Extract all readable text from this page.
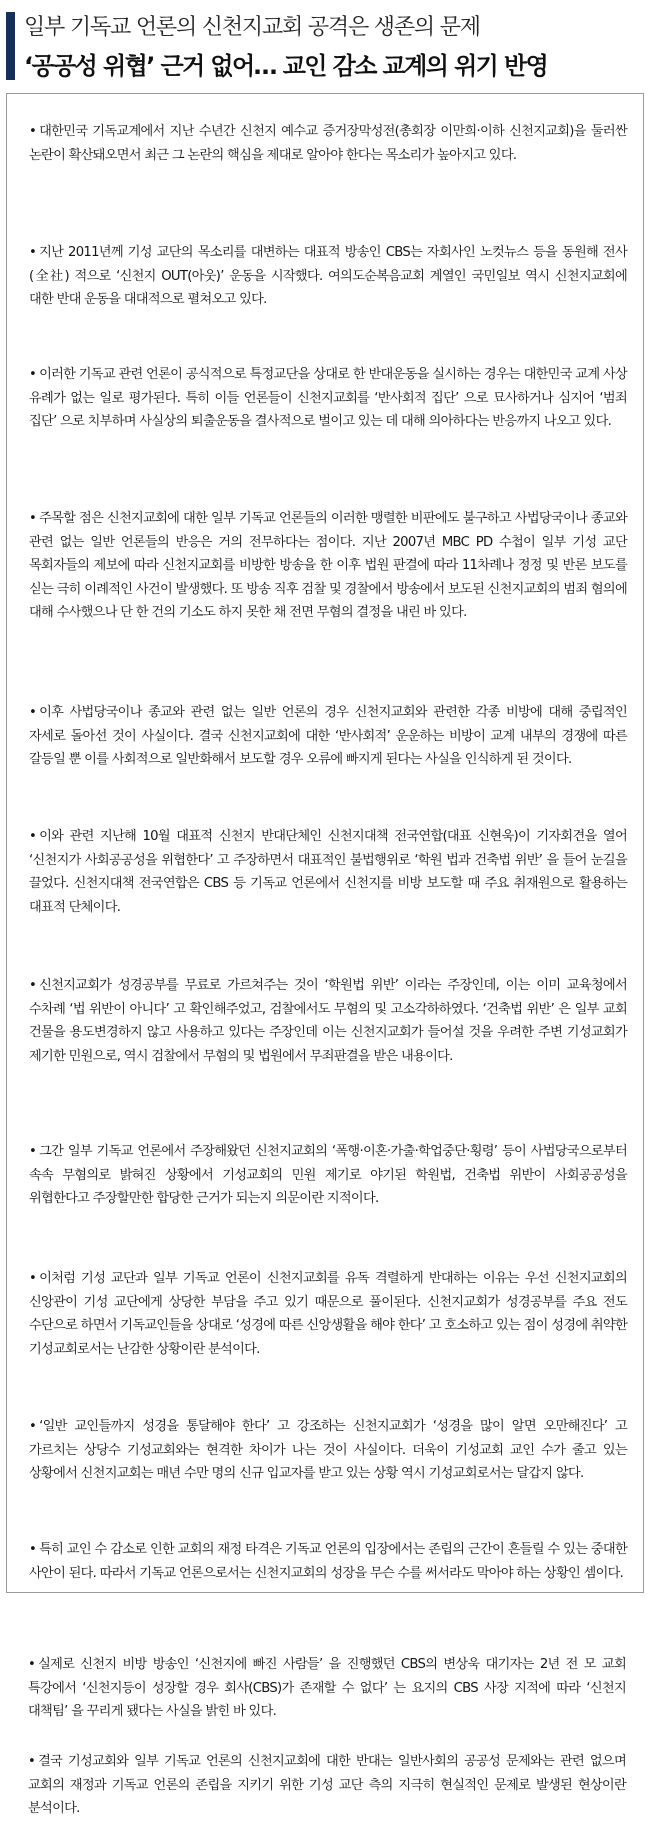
일부 기독교 언론의 신천지교회 공격은 생존의 문제
‘공공성 위협’ 근거 없어… 교인 감소 교계의 위기 반영
• 대한민국 기독교계에서 지난 수년간 신천지 예수교 증거장막성전(총회장 이만희·이하 신천지교회)을 둘러싼 논란이 확산돼오면서 최근 그 논란의 핵심을 제대로 알아야 한다는 목소리가 높아지고 있다.
• 지난 2011년께 기성 교단의 목소리를 대변하는 대표적 방송인 CBS는 자회사인 노컷뉴스 등을 동원해 전사(全社) 적으로 ‘신천지 OUT(아웃)’ 운동을 시작했다. 여의도순복음교회 계열인 국민일보 역시 신천지교회에 대한 반대 운동을 대대적으로 펼쳐오고 있다.
• 이러한 기독교 관련 언론이 공식적으로 특정교단을 상대로 한 반대운동을 실시하는 경우는 대한민국 교계 사상 유례가 없는 일로 평가된다. 특히 이들 언론들이 신천지교회를 ‘반사회적 집단’ 으로 묘사하거나 심지어 ‘범죄 집단’ 으로 치부하며 사실상의 퇴출운동을 결사적으로 벌이고 있는 데 대해 의아하다는 반응까지 나오고 있다.
• 주목할 점은 신천지교회에 대한 일부 기독교 언론들의 이러한 맹렬한 비판에도 불구하고 사법당국이나 종교와 관련 없는 일반 언론들의 반응은 거의 전무하다는 점이다. 지난 2007년 MBC PD 수첩이 일부 기성 교단 목회자들의 제보에 따라 신천지교회를 비방한 방송을 한 이후 법원 판결에 따라 11차례나 정정 및 반론 보도를 싣는 극히 이례적인 사건이 발생했다. 또 방송 직후 검찰 및 경찰에서 방송에서 보도된 신천지교회의 범죄 혐의에 대해 수사했으나 단 한 건의 기소도 하지 못한 채 전면 무혐의 결정을 내린 바 있다.
• 이후 사법당국이나 종교와 관련 없는 일반 언론의 경우 신천지교회와 관련한 각종 비방에 대해 중립적인 자세로 돌아선 것이 사실이다. 결국 신천지교회에 대한 ‘반사회적’ 운운하는 비방이 교계 내부의 경쟁에 따른 갈등일 뿐 이를 사회적으로 일반화해서 보도할 경우 오류에 빠지게 된다는 사실을 인식하게 된 것이다.
• 이와 관련 지난해 10월 대표적 신천지 반대단체인 신천지대책 전국연합(대표 신현욱)이 기자회견을 열어 ‘신천지가 사회공공성을 위협한다’ 고 주장하면서 대표적인 불법행위로 ‘학원 법과 건축법 위반’ 을 들어 눈길을 끌었다. 신천지대책 전국연합은 CBS 등 기독교 언론에서 신천지를 비방 보도할 때 주요 취재원으로 활용하는 대표적 단체이다.
• 신천지교회가 성경공부를 무료로 가르쳐주는 것이 ‘학원법 위반’ 이라는 주장인데, 이는 이미 교육청에서 수차례 ‘법 위반이 아니다’ 고 확인해주었고, 검찰에서도 무혐의 및 고소각하하였다. ‘건축법 위반’ 은 일부 교회 건물을 용도변경하지 않고 사용하고 있다는 주장인데 이는 신천지교회가 들어설 것을 우려한 주변 기성교회가 제기한 민원으로, 역시 검찰에서 무혐의 및 법원에서 무죄판결을 받은 내용이다.
• 그간 일부 기독교 언론에서 주장해왔던 신천지교회의 ‘폭행·이혼·가출·학업중단·횡령’ 등이 사법당국으로부터 속속 무혐의로 밝혀진 상황에서 기성교회의 민원 제기로 야기된 학원법, 건축법 위반이 사회공공성을 위협한다고 주장할만한 합당한 근거가 되는지 의문이란 지적이다.
• 이처럼 기성 교단과 일부 기독교 언론이 신천지교회를 유독 격렬하게 반대하는 이유는 우선 신천지교회의 신앙관이 기성 교단에게 상당한 부담을 주고 있기 때문으로 풀이된다. 신천지교회가 성경공부를 주요 전도 수단으로 하면서 기독교인들을 상대로 ‘성경에 따른 신앙생활을 해야 한다’ 고 호소하고 있는 점이 성경에 취약한 기성교회로서는 난감한 상황이란 분석이다.
• ‘일반 교인들까지 성경을 통달해야 한다’ 고 강조하는 신천지교회가 ‘성경을 많이 알면 오만해진다’ 고 가르치는 상당수 기성교회와는 현격한 차이가 나는 것이 사실이다. 더욱이 기성교회 교인 수가 줄고 있는 상황에서 신천지교회는 매년 수만 명의 신규 입교자를 받고 있는 상황 역시 기성교회로서는 달갑지 않다.
• 특히 교인 수 감소로 인한 교회의 재정 타격은 기독교 언론의 입장에서는 존립의 근간이 흔들릴 수 있는 중대한 사안이 된다. 따라서 기독교 언론으로서는 신천지교회의 성장을 무슨 수를 써서라도 막아야 하는 상황인 셈이다.
• 실제로 신천지 비방 방송인 ‘신천지에 빠진 사람들’ 을 진행했던 CBS의 변상욱 대기자는 2년 전 모 교회 특강에서 ‘신천지등이 성장할 경우 회사(CBS)가 존재할 수 없다’ 는 요지의 CBS 사장 지적에 따라 ‘신천지 대책팀’ 을 꾸리게 됐다는 사실을 밝힌 바 있다.
• 결국 기성교회와 일부 기독교 언론의 신천지교회에 대한 반대는 일반사회의 공공성 문제와는 관련 없으며 교회의 재정과 기독교 언론의 존립을 지키기 위한 기성 교단 측의 지극히 현실적인 문제로 발생된 현상이란 분석이다.
